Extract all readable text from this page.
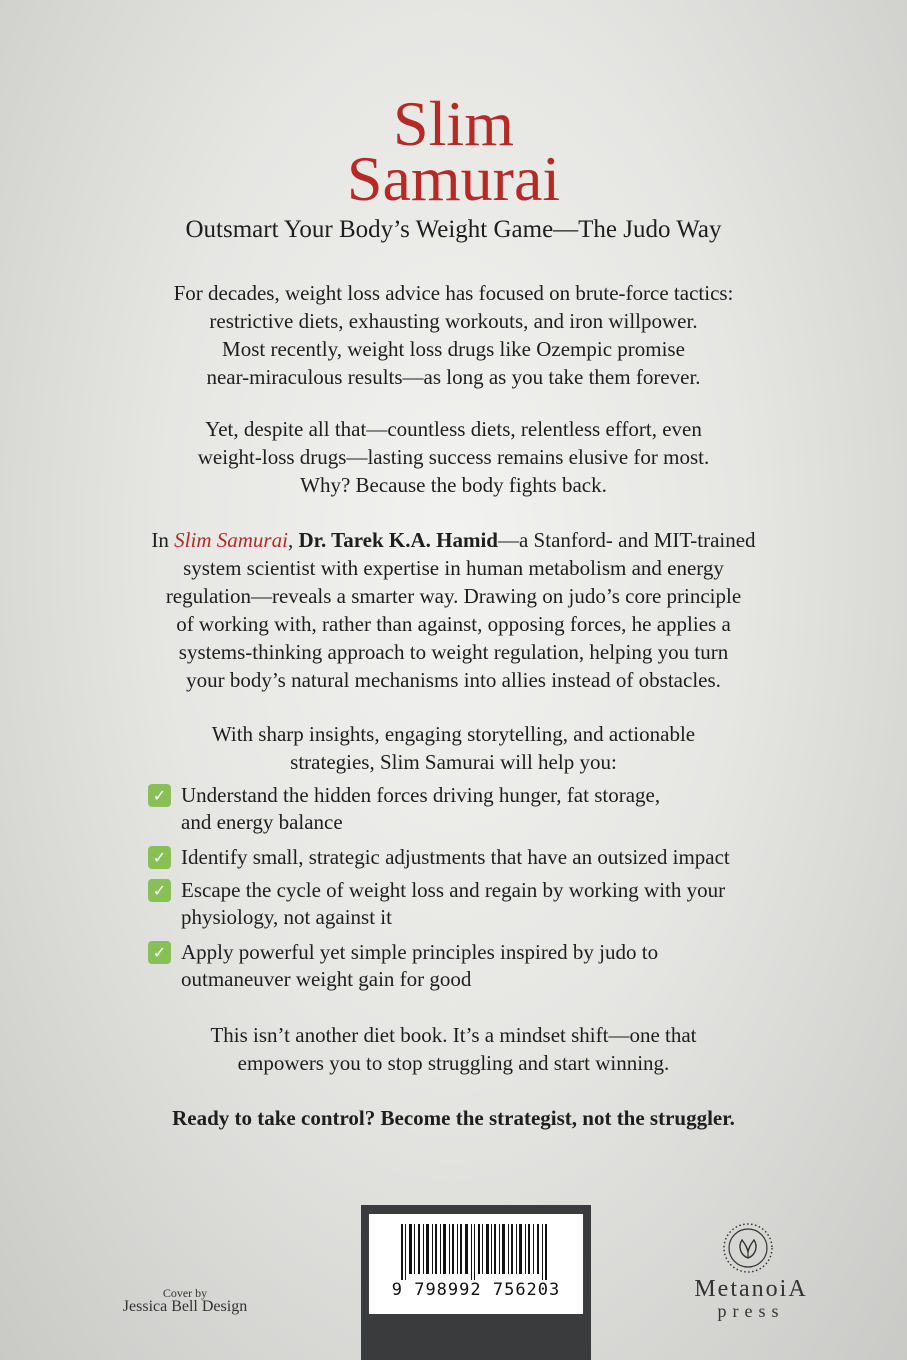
Slim
Samurai
Outsmart Your Body’s Weight Game—The Judo Way
For decades, weight loss advice has focused on brute-force tactics:
restrictive diets, exhausting workouts, and iron willpower.
Most recently, weight loss drugs like Ozempic promise
near-miraculous results—as long as you take them forever.
Yet, despite all that—countless diets, relentless effort, even
weight-loss drugs—lasting success remains elusive for most.
Why? Because the body fights back.
In Slim Samurai, Dr. Tarek K.A. Hamid—a Stanford- and MIT-trained
system scientist with expertise in human metabolism and energy
regulation—reveals a smarter way. Drawing on judo’s core principle
of working with, rather than against, opposing forces, he applies a
systems-thinking approach to weight regulation, helping you turn
your body’s natural mechanisms into allies instead of obstacles.
With sharp insights, engaging storytelling, and actionable
strategies, Slim Samurai will help you:
✓ Understand the hidden forces driving hunger, fat storage,
and energy balance
✓ Identify small, strategic adjustments that have an outsized impact
✓ Escape the cycle of weight loss and regain by working with your
physiology, not against it
✓ Apply powerful yet simple principles inspired by judo to
outmaneuver weight gain for good
This isn’t another diet book. It’s a mindset shift—one that
empowers you to stop struggling and start winning.
Ready to take control? Become the strategist, not the struggler.
9 798992 756203
Cover by
Jessica Bell Design
MetanoiA
press
